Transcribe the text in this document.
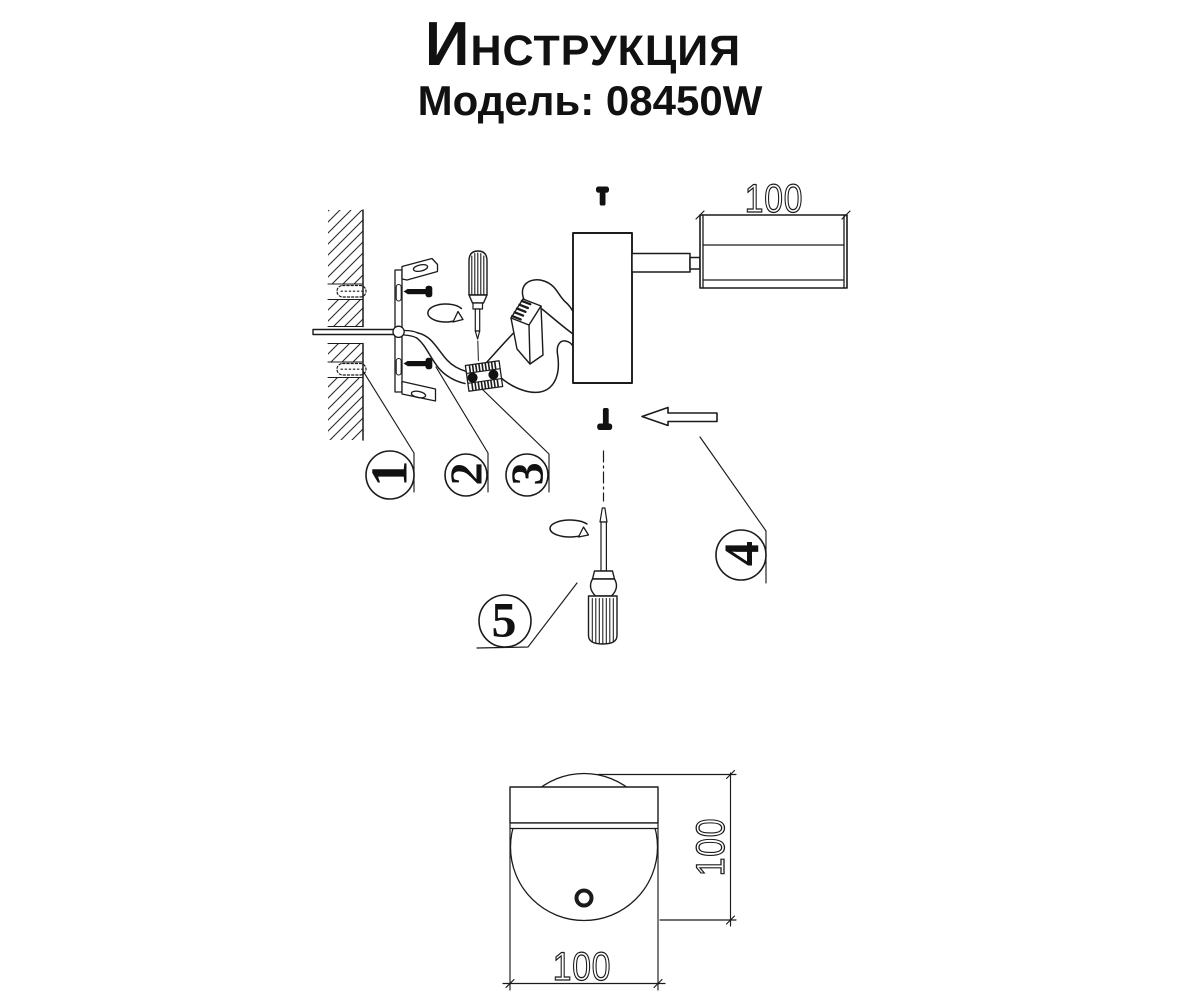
Инструкция
Модель: 08450W
100
100
100
1 2 3
4
5
